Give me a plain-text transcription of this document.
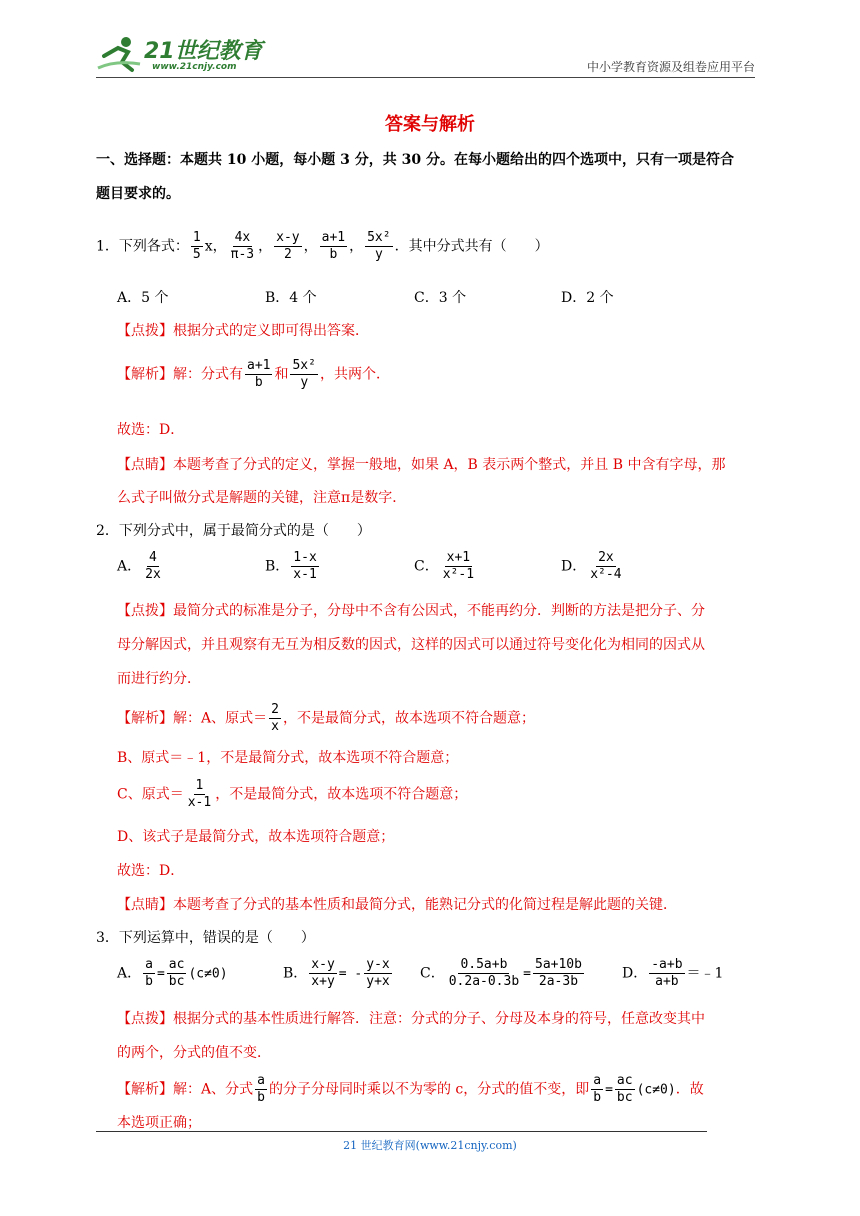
21世纪教育
www.21cnjy.com	中小学教育资源及组卷应用平台
答案与解析
一、选择题：本题共 10 小题，每小题 3 分，共 30 分。在每小题给出的四个选项中，只有一项是符合
题目要求的。
1．下列各式： $\frac{1}{5}$ x， $\frac{4x}{\pi-3}$ ， $\frac{x-y}{2}$ ， $\frac{a+1}{b}$ ， $\frac{\text{5x²}}{y}$ ．其中分式共有（　　）
A．5 个	B．4 个	C．3 个	D．2 个
【点拨】根据分式的定义即可得出答案．
【解析】解：分式有 $\frac{a+1}{b}$ 和 $\frac{\text{5x²}}{y}$ ，共两个．
故选：D．
【点睛】本题考查了分式的定义，掌握一般地，如果 A，B 表示两个整式，并且 B 中含有字母，那
么式子叫做分式是解题的关键，注意π是数字．
2．下列分式中，属于最简分式的是（　　）
A． $\frac{4}{2x}$	B． $\frac{1-x}{x-1}$	C． $\frac{x+1}{\text{x²-1}}$	D． $\frac{2x}{\text{x²-4}}$
【点拨】最简分式的标准是分子，分母中不含有公因式，不能再约分．判断的方法是把分子、分
母分解因式，并且观察有无互为相反数的因式，这样的因式可以通过符号变化化为相同的因式从
而进行约分．
【解析】解：A、原式＝ $\frac{2}{x}$ ，不是最简分式，故本选项不符合题意；
B、原式＝﹣1，不是最简分式，故本选项不符合题意；
C、原式＝ $\frac{1}{x-1}$ ，不是最简分式，故本选项不符合题意；
D、该式子是最简分式，故本选项符合题意；
故选：D．
【点睛】本题考查了分式的基本性质和最简分式，能熟记分式的化简过程是解此题的关键．
3．下列运算中，错误的是（　　）
A． $\frac{a}{b} = \frac{ac}{bc} (c\ne 0)$	B． $\frac{x-y}{x+y}$ = - $\frac{y-x}{y+x}$ C． $\frac{0.5a+b}{0.2a-0.3b} = \frac{5a+10b}{2a-3b}$	D． $\frac{-a+b}{a+b}$ ＝﹣1
【点拨】根据分式的基本性质进行解答．注意：分式的分子、分母及本身的符号，任意改变其中
的两个，分式的值不变．
【解析】解：A、分式 $\frac{a}{b}$ 的分子分母同时乘以不为零的 c，分式的值不变，即 $\frac{a}{b} = \frac{ac}{bc} (c\ne 0)$．故
本选项正确；
21 世纪教育网(www.21cnjy.com)
